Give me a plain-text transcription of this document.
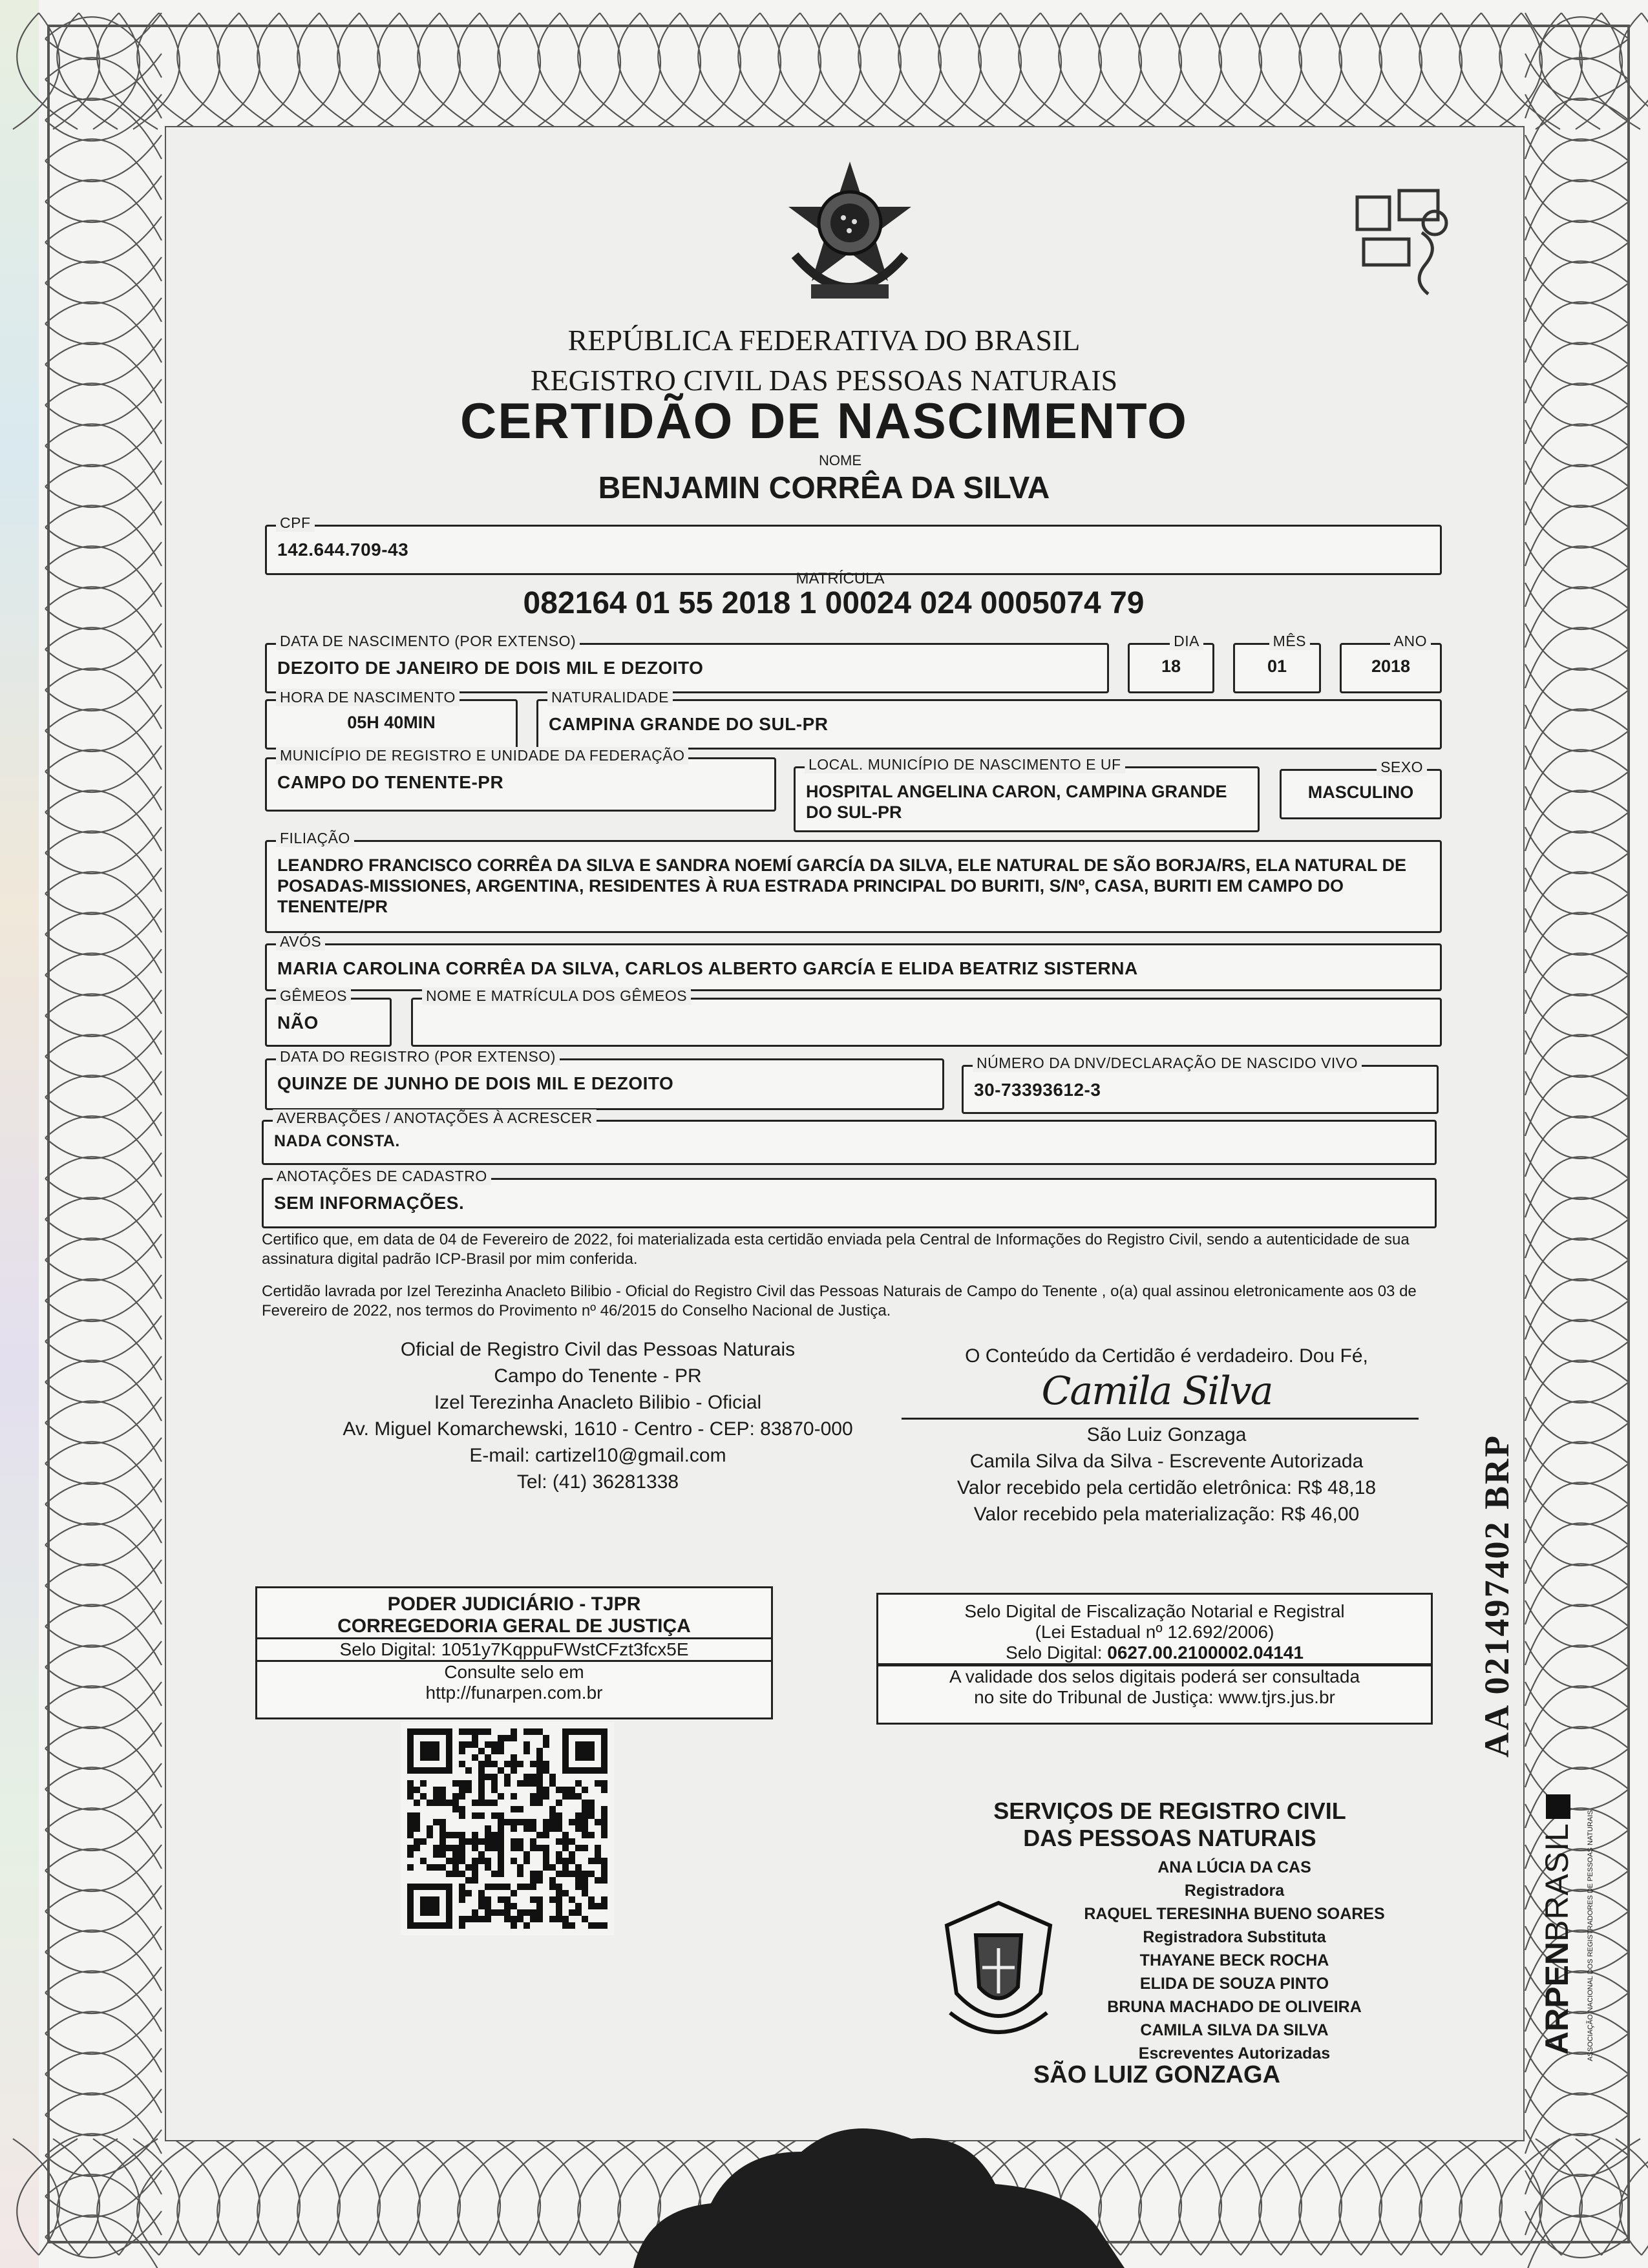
REPÚBLICA FEDERATIVA DO BRASIL
REGISTRO CIVIL DAS PESSOAS NATURAIS
CERTIDÃO DE NASCIMENTO
NOME
BENJAMIN CORRÊA DA SILVA
CPF
142.644.709-43
MATRÍCULA
082164 01 55 2018 1 00024 024 0005074 79
DATA DE NASCIMENTO (POR EXTENSO)
DEZOITO DE JANEIRO DE DOIS MIL E DEZOITO
DIA
18
MÊS
01
ANO
2018
HORA DE NASCIMENTO
05H 40MIN
NATURALIDADE
CAMPINA GRANDE DO SUL-PR
MUNICÍPIO DE REGISTRO E UNIDADE DA FEDERAÇÃO
CAMPO DO TENENTE-PR
LOCAL. MUNICÍPIO DE NASCIMENTO E UF
HOSPITAL ANGELINA CARON, CAMPINA GRANDE DO SUL-PR
SEXO
MASCULINO
FILIAÇÃO
LEANDRO FRANCISCO CORRÊA DA SILVA E SANDRA NOEMÍ GARCÍA DA SILVA, ELE NATURAL DE SÃO BORJA/RS, ELA NATURAL DE POSADAS-MISSIONES, ARGENTINA, RESIDENTES À RUA ESTRADA PRINCIPAL DO BURITI, S/Nº, CASA, BURITI EM CAMPO DO TENENTE/PR
AVÓS
MARIA CAROLINA CORRÊA DA SILVA, CARLOS ALBERTO GARCÍA E ELIDA BEATRIZ SISTERNA
GÊMEOS
NÃO
NOME E MATRÍCULA DOS GÊMEOS
DATA DO REGISTRO (POR EXTENSO)
QUINZE DE JUNHO DE DOIS MIL E DEZOITO
NÚMERO DA DNV/DECLARAÇÃO DE NASCIDO VIVO
30-73393612-3
AVERBAÇÕES / ANOTAÇÕES À ACRESCER
NADA CONSTA.
ANOTAÇÕES DE CADASTRO
SEM INFORMAÇÕES.
Certifico que, em data de 04 de Fevereiro de 2022, foi materializada esta certidão enviada pela Central de Informações do Registro Civil, sendo a autenticidade de sua assinatura digital padrão ICP-Brasil por mim conferida.
Certidão lavrada por Izel Terezinha Anacleto Bilibio - Oficial do Registro Civil das Pessoas Naturais de Campo do Tenente , o(a) qual assinou eletronicamente aos 03 de Fevereiro de 2022, nos termos do Provimento nº 46/2015 do Conselho Nacional de Justiça.
Oficial de Registro Civil das Pessoas Naturais
Campo do Tenente - PR
Izel Terezinha Anacleto Bilibio - Oficial
Av. Miguel Komarchewski, 1610 - Centro - CEP: 83870-000
E-mail: cartizel10@gmail.com
Tel: (41) 36281338
O Conteúdo da Certidão é verdadeiro. Dou Fé,
Camila Silva
São Luiz Gonzaga
Camila Silva da Silva - Escrevente Autorizada
Valor recebido pela certidão eletrônica: R$ 48,18
Valor recebido pela materialização: R$ 46,00
PODER JUDICIÁRIO - TJPR
CORREGEDORIA GERAL DE JUSTIÇA
Selo Digital: 1051y7KqppuFWstCFzt3fcx5E
Consulte selo em
http://funarpen.com.br
Selo Digital de Fiscalização Notarial e Registral
(Lei Estadual nº 12.692/2006)
Selo Digital: 0627.00.2100002.04141
A validade dos selos digitais poderá ser consultada
no site do Tribunal de Justiça: www.tjrs.jus.br
SERVIÇOS DE REGISTRO CIVIL
DAS PESSOAS NATURAIS
ANA LÚCIA DA CAS
Registradora
RAQUEL TERESINHA BUENO SOARES
Registradora Substituta
THAYANE BECK ROCHA
ELIDA DE SOUZA PINTO
BRUNA MACHADO DE OLIVEIRA
CAMILA SILVA DA SILVA
Escreventes Autorizadas
SÃO LUIZ GONZAGA
AA 021497402 BRP
ARPENBRASIL ASSOCIAÇÃO NACIONAL DOS REGISTRADORES DE PESSOAS NATURAIS
